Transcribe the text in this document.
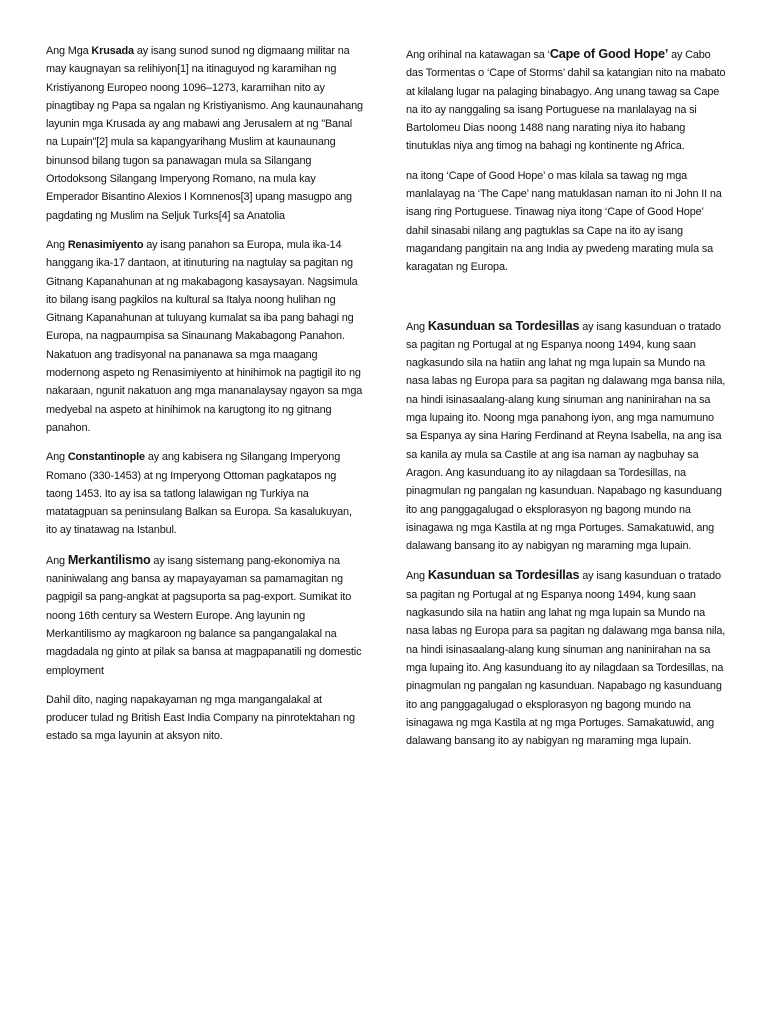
Ang Mga Krusada ay isang sunod sunod ng digmaang militar na may kaugnayan sa relihiyon[1] na itinaguyod ng karamihan ng Kristiyanong Europeo noong 1096–1273, karamihan nito ay pinagtibay ng Papa sa ngalan ng Kristiyanismo. Ang kaunaunahang layunin mga Krusada ay ang mabawi ang Jerusalem at ng "Banal na Lupain"[2] mula sa kapangyarihang Muslim at kaunaunang binunsod bilang tugon sa panawagan mula sa Silangang Ortodoksong Silangang Imperyong Romano, na mula kay Emperador Bisantino Alexios I Komnenos[3] upang masugpo ang pagdating ng Muslim na Seljuk Turks[4] sa Anatolia

Ang Renasimiyento ay isang panahon sa Europa, mula ika-14 hanggang ika-17 dantaon, at itinuturing na nagtulay sa pagitan ng Gitnang Kapanahunan at ng makabagong kasaysayan. Nagsimula ito bilang isang pagkilos na kultural sa Italya noong hulihan ng Gitnang Kapanahunan at tuluyang kumalat sa iba pang bahagi ng Europa, na nagpaumpisa sa Sinaunang Makabagong Panahon. Nakatuon ang tradisyonal na pananawa sa mga maagang modernong aspeto ng Renasimiyento at hinihimok na pagtigil ito ng nakaraan, ngunit nakatuon ang mga mananalaysay ngayon sa mga medyebal na aspeto at hinihimok na karugtong ito ng gitnang panahon.

Ang Constantinople ay ang kabisera ng Silangang Imperyong Romano (330-1453) at ng Imperyong Ottoman pagkatapos ng taong 1453. Ito ay isa sa tatlong lalawigan ng Turkiya na matatagpuan sa peninsulang Balkan sa Europa. Sa kasalukuyan, ito ay tinatawag na Istanbul.

Ang Merkantilismo ay isang sistemang pang-ekonomiya na naniniwalang ang bansa ay mapayayaman sa pamamagitan ng pagpigil sa pang-angkat at pagsuporta sa pag-export. Sumikat ito noong 16th century sa Western Europe. Ang layunin ng Merkantilismo ay magkaroon ng balance sa pangangalakal na magdadala ng ginto at pilak sa bansa at magpapanatili ng domestic employment

Dahil dito, naging napakayaman ng mga mangangalakal at producer tulad ng British East India Company na pinrotektahan ng estado sa mga layunin at aksyon nito.

Ang orihinal na katawagan sa ‘Cape of Good Hope’ ay Cabo das Tormentas o ‘Cape of Storms’ dahil sa katangian nito na mabato at kilalang lugar na palaging binabagyo. Ang unang tawag sa Cape na ito ay nanggaling sa isang Portuguese na manlalayag na si Bartolomeu Dias noong 1488 nang narating niya ito habang tinutuklas niya ang timog na bahagi ng kontinente ng Africa.

na itong ‘Cape of Good Hope’ o mas kilala sa tawag ng mga manlalayag na ‘The Cape’ nang matuklasan naman ito ni John II na isang ring Portuguese. Tinawag niya itong ‘Cape of Good Hope’ dahil sinasabi nilang ang pagtuklas sa Cape na ito ay isang magandang pangitain na ang India ay pwedeng marating mula sa karagatan ng Europa.

Ang Kasunduan sa Tordesillas ay isang kasunduan o tratado sa pagitan ng Portugal at ng Espanya noong 1494, kung saan nagkasundo sila na hatiin ang lahat ng mga lupain sa Mundo na nasa labas ng Europa para sa pagitan ng dalawang mga bansa nila, na hindi isinasaalang-alang kung sinuman ang naninirahan na sa mga lupaing ito. Noong mga panahong iyon, ang mga namumuno sa Espanya ay sina Haring Ferdinand at Reyna Isabella, na ang isa sa kanila ay mula sa Castile at ang isa naman ay nagbuhay sa Aragon. Ang kasunduang ito ay nilagdaan sa Tordesillas, na pinagmulan ng pangalan ng kasunduan. Napabago ng kasunduang ito ang panggagalugad o eksplorasyon ng bagong mundo na isinagawa ng mga Kastila at ng mga Portuges. Samakatuwid, ang dalawang bansang ito ay nabigyan ng maraming mga lupain.

Ang Kasunduan sa Tordesillas ay isang kasunduan o tratado sa pagitan ng Portugal at ng Espanya noong 1494, kung saan nagkasundo sila na hatiin ang lahat ng mga lupain sa Mundo na nasa labas ng Europa para sa pagitan ng dalawang mga bansa nila, na hindi isinasaalang-alang kung sinuman ang naninirahan na sa mga lupaing ito. Ang kasunduang ito ay nilagdaan sa Tordesillas, na pinagmulan ng pangalan ng kasunduan. Napabago ng kasunduang ito ang panggagalugad o eksplorasyon ng bagong mundo na isinagawa ng mga Kastila at ng mga Portuges. Samakatuwid, ang dalawang bansang ito ay nabigyan ng maraming mga lupain.
